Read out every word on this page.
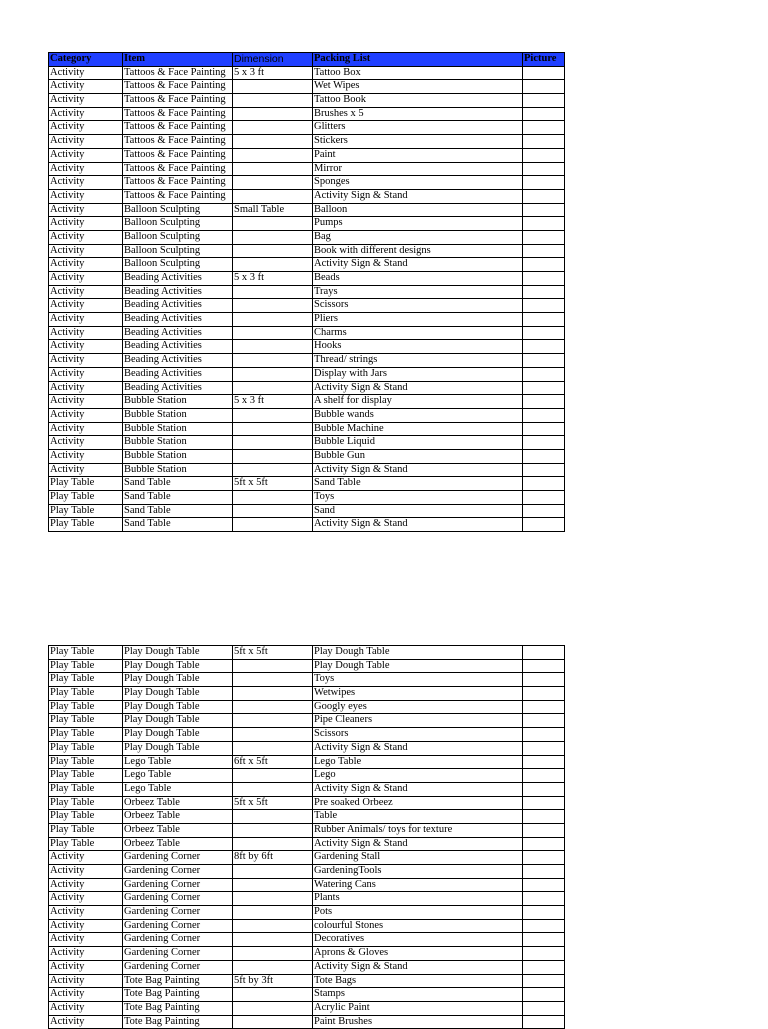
Category	Item	Dimension	Packing List	Picture
Activity	Tattoos & Face Painting	5 x 3 ft	Tattoo Box	
Activity	Tattoos & Face Painting		Wet Wipes	
Activity	Tattoos & Face Painting		Tattoo Book	
Activity	Tattoos & Face Painting		Brushes x 5	
Activity	Tattoos & Face Painting		Glitters	
Activity	Tattoos & Face Painting		Stickers	
Activity	Tattoos & Face Painting		Paint	
Activity	Tattoos & Face Painting		Mirror	
Activity	Tattoos & Face Painting		Sponges	
Activity	Tattoos & Face Painting		Activity Sign & Stand	
Activity	Balloon Sculpting	Small Table	Balloon	
Activity	Balloon Sculpting		Pumps	
Activity	Balloon Sculpting		Bag	
Activity	Balloon Sculpting		Book with different designs	
Activity	Balloon Sculpting		Activity Sign & Stand	
Activity	Beading Activities	5 x 3 ft	Beads	
Activity	Beading Activities		Trays	
Activity	Beading Activities		Scissors	
Activity	Beading Activities		Pliers	
Activity	Beading Activities		Charms	
Activity	Beading Activities		Hooks	
Activity	Beading Activities		Thread/ strings	
Activity	Beading Activities		Display with Jars	
Activity	Beading Activities		Activity Sign & Stand	
Activity	Bubble Station	5 x 3 ft	A shelf for display	
Activity	Bubble Station		Bubble wands	
Activity	Bubble Station		Bubble Machine	
Activity	Bubble Station		Bubble Liquid	
Activity	Bubble Station		Bubble Gun	
Activity	Bubble Station		Activity Sign & Stand	
Play Table	Sand Table	5ft x 5ft	Sand Table	
Play Table	Sand Table		Toys	
Play Table	Sand Table		Sand	
Play Table	Sand Table		Activity Sign & Stand	
Play Table	Play Dough Table	5ft x 5ft	Play Dough Table	
Play Table	Play Dough Table		Play Dough Table	
Play Table	Play Dough Table		Toys	
Play Table	Play Dough Table		Wetwipes	
Play Table	Play Dough Table		Googly eyes	
Play Table	Play Dough Table		Pipe Cleaners	
Play Table	Play Dough Table		Scissors	
Play Table	Play Dough Table		Activity Sign & Stand	
Play Table	Lego Table	6ft x 5ft	Lego Table	
Play Table	Lego Table		Lego	
Play Table	Lego Table		Activity Sign & Stand	
Play Table	Orbeez Table	5ft x 5ft	Pre soaked Orbeez	
Play Table	Orbeez Table		Table	
Play Table	Orbeez Table		Rubber Animals/ toys for texture	
Play Table	Orbeez Table		Activity Sign & Stand	
Activity	Gardening Corner	8ft by 6ft	Gardening Stall	
Activity	Gardening Corner		GardeningTools	
Activity	Gardening Corner		Watering Cans	
Activity	Gardening Corner		Plants	
Activity	Gardening Corner		Pots	
Activity	Gardening Corner		colourful Stones	
Activity	Gardening Corner		Decoratives	
Activity	Gardening Corner		Aprons & Gloves	
Activity	Gardening Corner		Activity Sign & Stand	
Activity	Tote Bag Painting	5ft by 3ft	Tote Bags	
Activity	Tote Bag Painting		Stamps	
Activity	Tote Bag Painting		Acrylic Paint	
Activity	Tote Bag Painting		Paint Brushes	
